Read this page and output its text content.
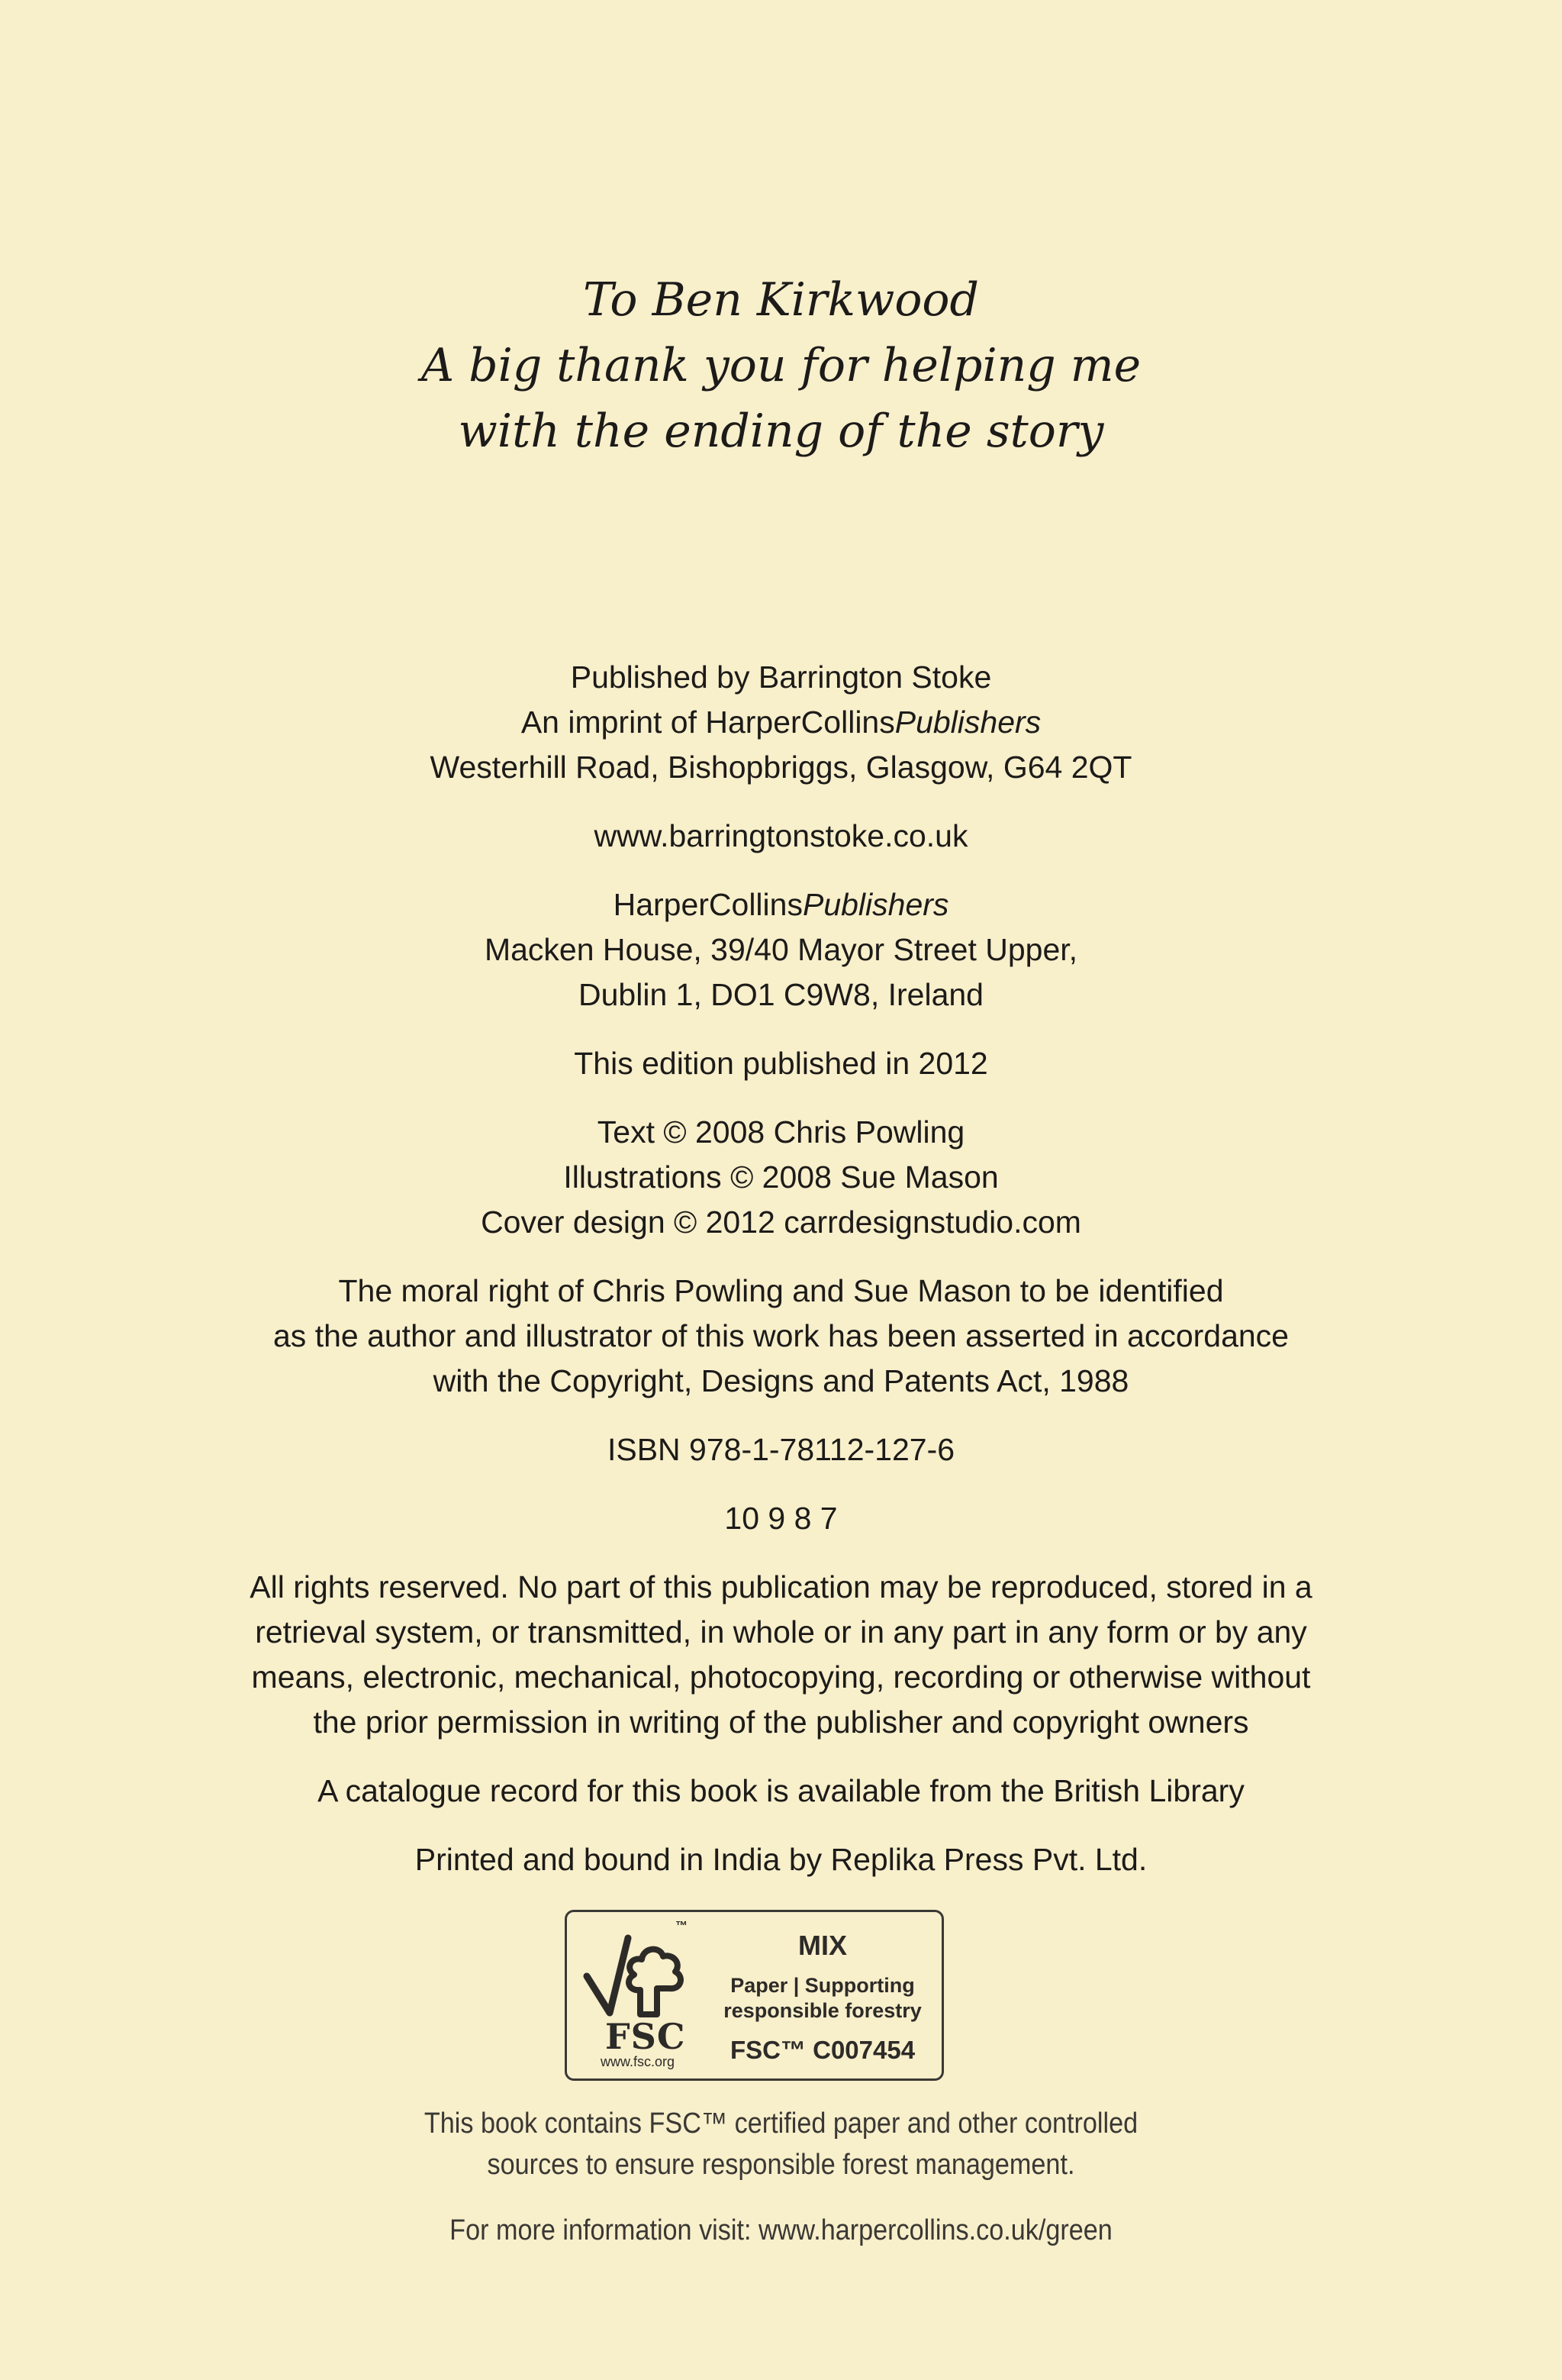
To Ben Kirkwood
A big thank you for helping me
with the ending of the story
Published by Barrington Stoke
An imprint of HarperCollinsPublishers
Westerhill Road, Bishopbriggs, Glasgow, G64 2QT
www.barringtonstoke.co.uk
HarperCollinsPublishers
Macken House, 39/40 Mayor Street Upper,
Dublin 1, DO1 C9W8, Ireland
This edition published in 2012
Text © 2008 Chris Powling
Illustrations © 2008 Sue Mason
Cover design © 2012 carrdesignstudio.com
The moral right of Chris Powling and Sue Mason to be identified
as the author and illustrator of this work has been asserted in accordance
with the Copyright, Designs and Patents Act, 1988
ISBN 978-1-78112-127-6
10 9 8 7
All rights reserved. No part of this publication may be reproduced, stored in a
retrieval system, or transmitted, in whole or in any part in any form or by any
means, electronic, mechanical, photocopying, recording or otherwise without
the prior permission in writing of the publisher and copyright owners
A catalogue record for this book is available from the British Library
Printed and bound in India by Replika Press Pvt. Ltd.
™
FSC
www.fsc.org
MIX
Paper | Supporting
responsible forestry
FSC™ C007454
This book contains FSC™ certified paper and other controlled
sources to ensure responsible forest management.
For more information visit: www.harpercollins.co.uk/green
